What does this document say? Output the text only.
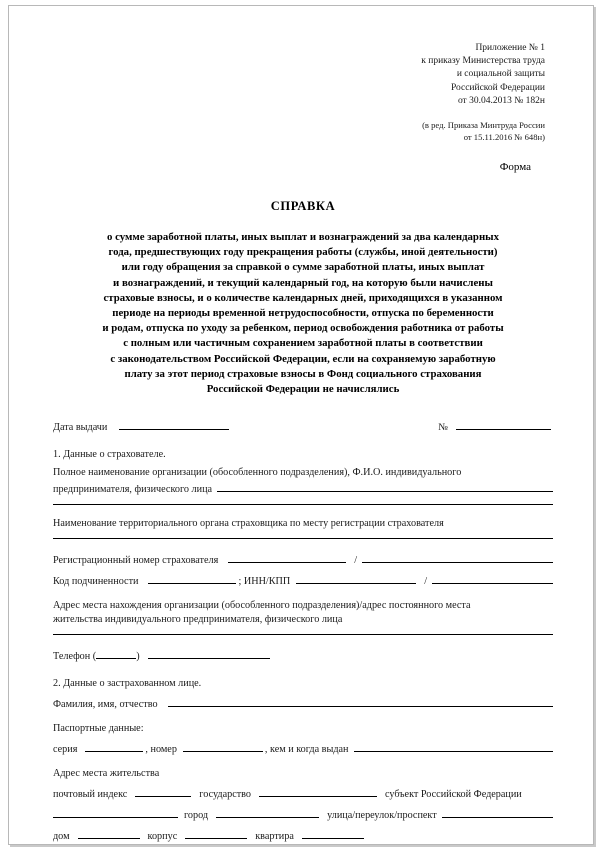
Приложение № 1
к приказу Министерства труда
и социальной защиты
Российской Федерации
от 30.04.2013 № 182н
(в ред. Приказа Минтруда России
от 15.11.2016 № 648н)
Форма
СПРАВКА
о сумме заработной платы, иных выплат и вознаграждений за два календарных
года, предшествующих году прекращения работы (службы, иной деятельности)
или году обращения за справкой о сумме заработной платы, иных выплат
и вознаграждений, и текущий календарный год, на которую были начислены
страховые взносы, и о количестве календарных дней, приходящихся в указанном
периоде на периоды временной нетрудоспособности, отпуска по беременности
и родам, отпуска по уходу за ребенком, период освобождения работника от работы
с полным или частичным сохранением заработной платы в соответствии
с законодательством Российской Федерации, если на сохраняемую заработную
плату за этот период страховые взносы в Фонд социального страхования
Российской Федерации не начислялись
Дата выдачи	№
1. Данные о страхователе.
Полное наименование организации (обособленного подразделения), Ф.И.О. индивидуального
предпринимателя, физического лица
Наименование территориального органа страховщика по месту регистрации страхователя
Регистрационный номер страхователя	/
Код подчиненности	; ИНН/КПП	/
Адрес места нахождения организации (обособленного подразделения)/адрес постоянного места
жительства индивидуального предпринимателя, физического лица
Телефон (	)
2. Данные о застрахованном лице.
Фамилия, имя, отчество
Паспортные данные:
серия	, номер	, кем и когда выдан
Адрес места жительства
почтовый индекс	государство	субъект Российской Федерации
город	улица/переулок/проспект
дом	корпус	квартира
